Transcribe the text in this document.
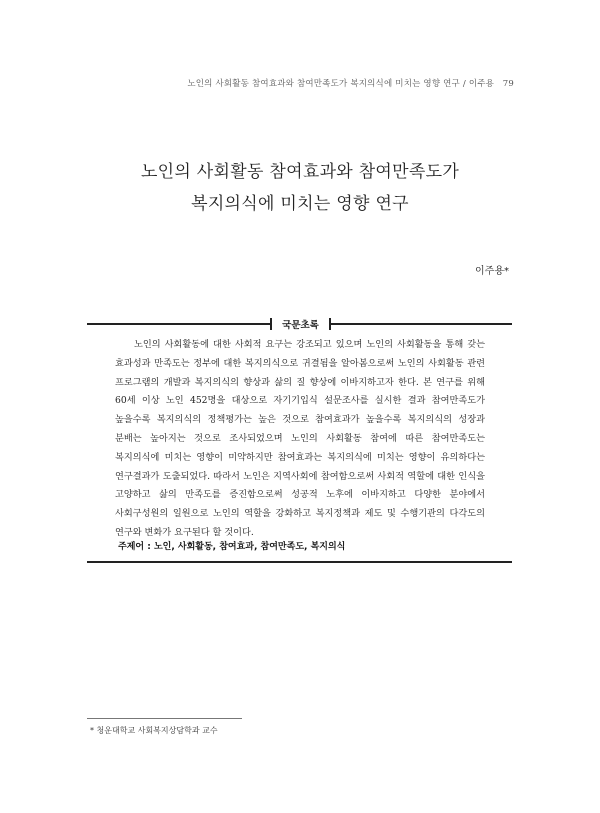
노인의 사회활동 참여효과와 참여만족도가 복지의식에 미치는 영향 연구 / 이주용 79
노인의 사회활동 참여효과와 참여만족도가
복지의식에 미치는 영향 연구
이주용*
국문초록
노인의 사회활동에 대한 사회적 요구는 강조되고 있으며 노인의 사회활동을 통해 갖는 효과성과 만족도는 정부에 대한 복지의식으로 귀결됨을 알아봄으로써 노인의 사회활동 관련 프로그램의 개발과 복지의식의 향상과 삶의 질 향상에 이바지하고자 한다. 본 연구를 위해 60세 이상 노인 452명을 대상으로 자기기입식 설문조사를 실시한 결과 참여만족도가 높을수록 복지의식의 정책평가는 높은 것으로 참여효과가 높을수록 복지의식의 성장과 분배는 높아지는 것으로 조사되었으며 노인의 사회활동 참여에 따른 참여만족도는 복지의식에 미치는 영향이 미약하지만 참여효과는 복지의식에 미치는 영향이 유의하다는 연구결과가 도출되었다. 따라서 노인은 지역사회에 참여함으로써 사회적 역할에 대한 인식을 고양하고 삶의 만족도를 증진함으로써 성공적 노후에 이바지하고 다양한 분야에서 사회구성원의 일원으로 노인의 역할을 강화하고 복지정책과 제도 및 수행기관의 다각도의 연구와 변화가 요구된다 할 것이다.
주제어 : 노인, 사회활동, 참여효과, 참여만족도, 복지의식
* 청운대학교 사회복지상담학과 교수
